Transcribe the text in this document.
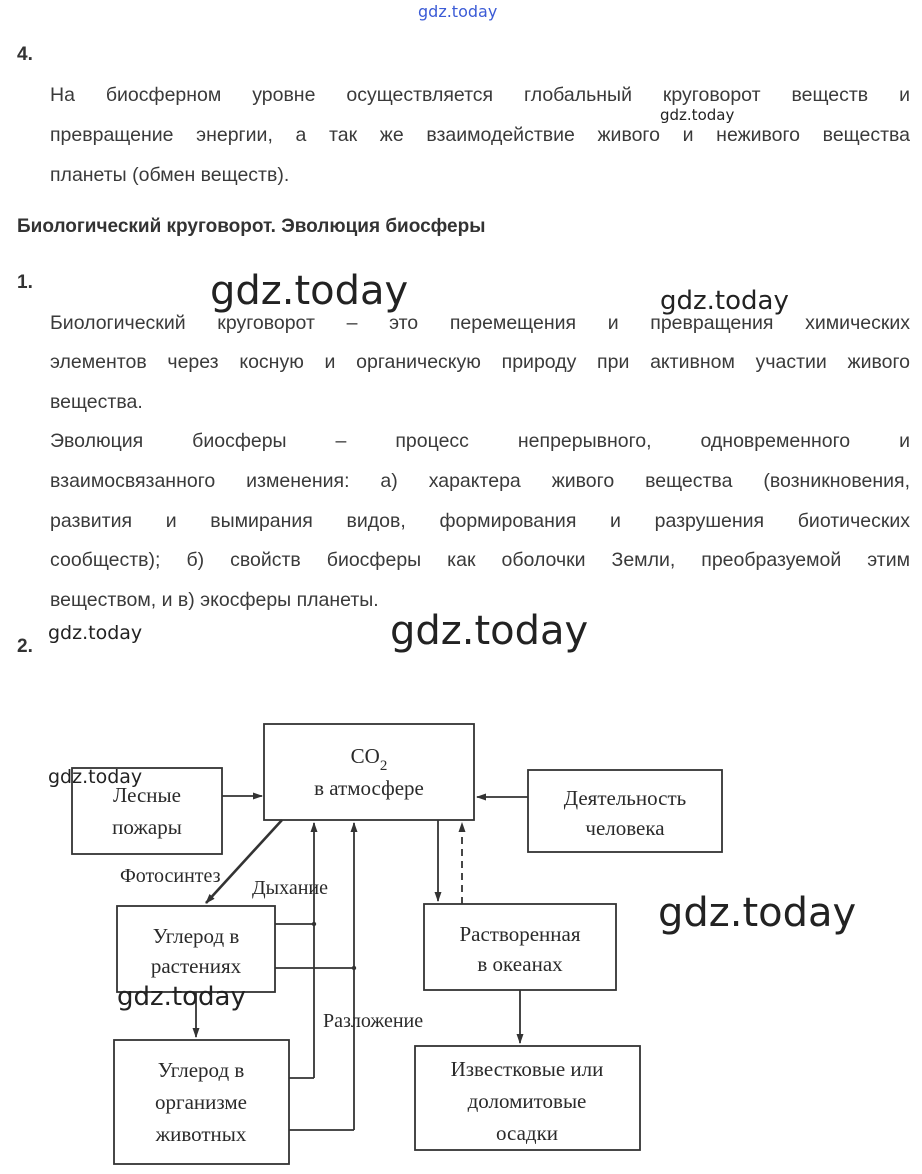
gdz.today
gdz.today
gdz.today	gdz.today
gdz.today	gdz.today
4.
На биосферном уровне осуществляется глобальный круговорот веществ и
превращение энергии, а так же взаимодействие живого и неживого вещества
планеты (обмен веществ).
Биологический круговорот. Эволюция биосферы
1.
Биологический круговорот – это перемещения и превращения химических
элементов через косную и органическую природу при активном участии живого
вещества.
Эволюция биосферы – процесс непрерывного, одновременного и
взаимосвязанного изменения: а) характера живого вещества (возникновения,
развития и вымирания видов, формирования и разрушения биотических
сообществ); б) свойств биосферы как оболочки Земли, преобразуемой этим
веществом, и в) экосферы планеты.
2.
$CO_2$
в атмосфере
Лесные
пожары
Деятельность
человека
Углерод в
растениях
Растворенная
в океанах
Углерод в
организме
животных
Известковые или
доломитовые
осадки
Фотосинтез
Дыхание
Разложение
gdz.today
gdz.today
gdz.today
